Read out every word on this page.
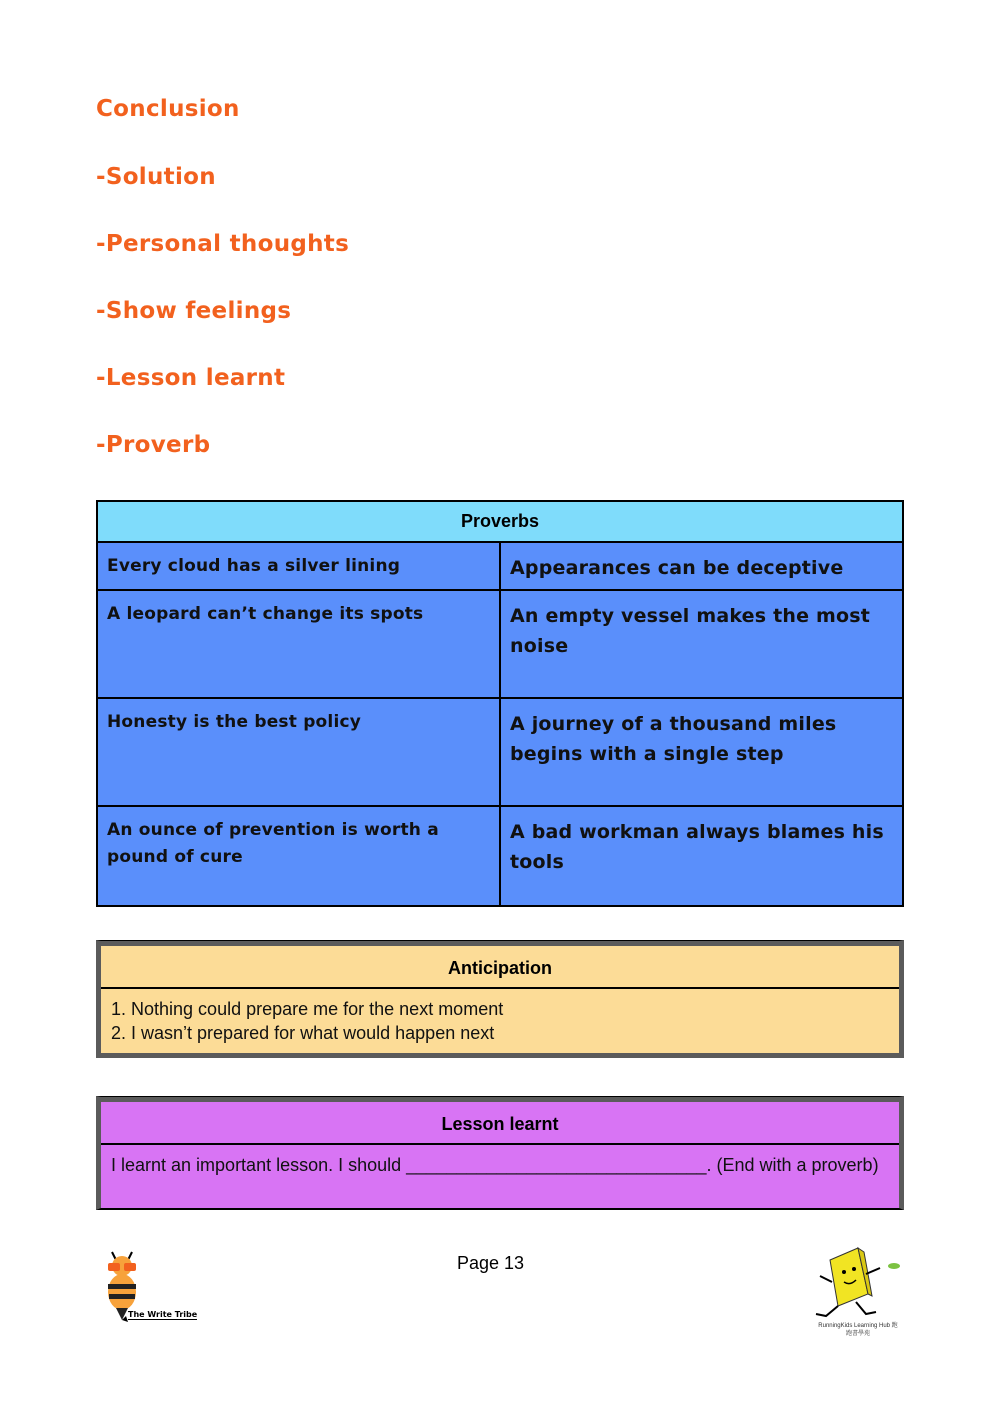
Conclusion
-Solution
-Personal thoughts
-Show feelings
-Lesson learnt
-Proverb
Proverbs	
Every cloud has a silver lining	Appearances can be deceptive
A leopard can’t change its spots	An empty vessel makes the most noise
Honesty is the best policy	A journey of a thousand miles begins with a single step
An ounce of prevention is worth a pound of cure	A bad workman always blames his tools
Anticipation
1. Nothing could prepare me for the next moment
2. I wasn’t prepared for what would happen next
Lesson learnt
I learnt an important lesson. I should ______________________________. (End with a proverb)
Page 13
The Write Tribe
RunningKids Learning Hub 跑跑書學苑
